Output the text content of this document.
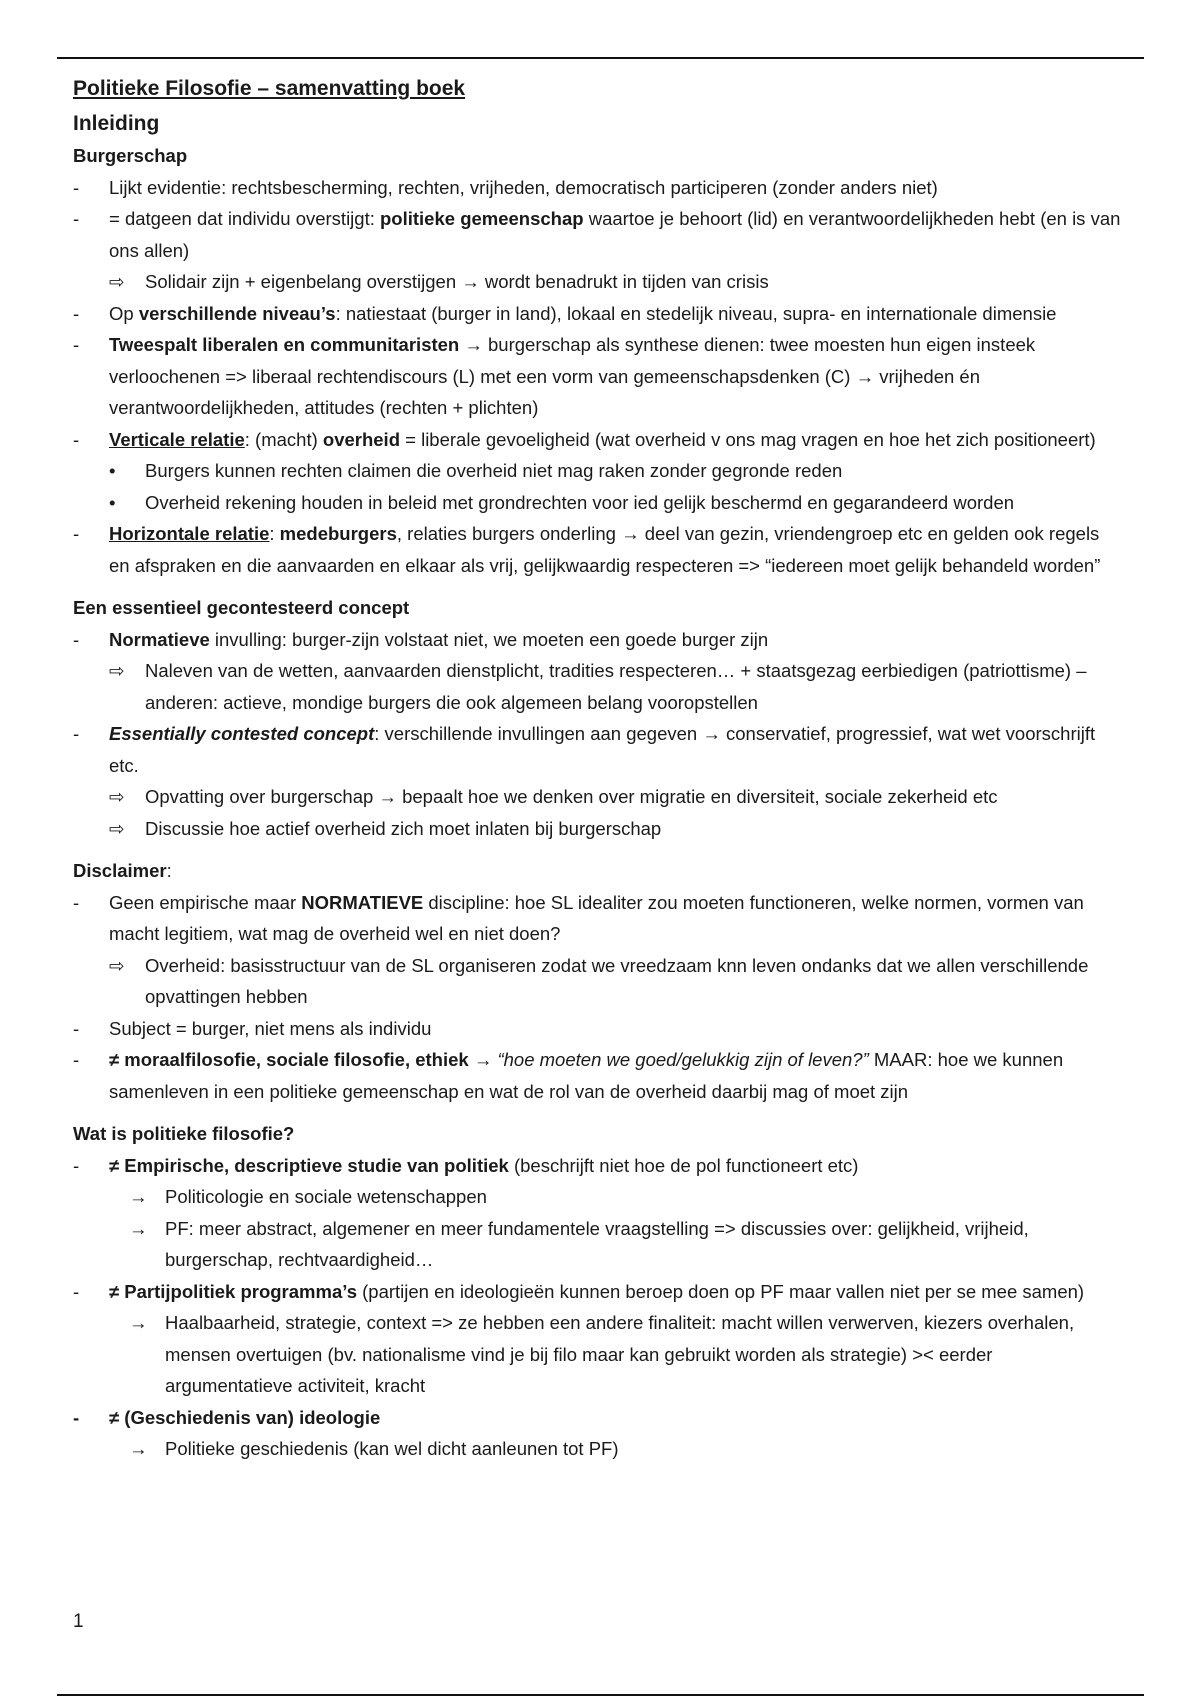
Politieke Filosofie – samenvatting boek

Inleiding

Burgerschap

-	Lijkt evidentie: rechtsbescherming, rechten, vrijheden, democratisch participeren (zonder anders niet)
-	= datgeen dat individu overstijgt: politieke gemeenschap waartoe je behoort (lid) en verantwoordelijkheden hebt (en is van ons allen)
⇨	Solidair zijn + eigenbelang overstijgen → wordt benadrukt in tijden van crisis
-	Op verschillende niveau’s: natiestaat (burger in land), lokaal en stedelijk niveau, supra- en internationale dimensie
-	Tweespalt liberalen en communitaristen → burgerschap als synthese dienen: twee moesten hun eigen insteek verloochenen => liberaal rechtendiscours (L) met een vorm van gemeenschapsdenken (C) → vrijheden én verantwoordelijkheden, attitudes (rechten + plichten)
-	Verticale relatie: (macht) overheid = liberale gevoeligheid (wat overheid v ons mag vragen en hoe het zich positioneert)
•	Burgers kunnen rechten claimen die overheid niet mag raken zonder gegronde reden
•	Overheid rekening houden in beleid met grondrechten voor ied gelijk beschermd en gegarandeerd worden
-	Horizontale relatie: medeburgers, relaties burgers onderling → deel van gezin, vriendengroep etc en gelden ook regels en afspraken en die aanvaarden en elkaar als vrij, gelijkwaardig respecteren => “iedereen moet gelijk behandeld worden”

Een essentieel gecontesteerd concept

-	Normatieve invulling: burger-zijn volstaat niet, we moeten een goede burger zijn
⇨	Naleven van de wetten, aanvaarden dienstplicht, tradities respecteren… + staatsgezag eerbiedigen (patriottisme) – anderen: actieve, mondige burgers die ook algemeen belang vooropstellen
-	Essentially contested concept: verschillende invullingen aan gegeven → conservatief, progressief, wat wet voorschrijft etc.
⇨	Opvatting over burgerschap → bepaalt hoe we denken over migratie en diversiteit, sociale zekerheid etc
⇨	Discussie hoe actief overheid zich moet inlaten bij burgerschap

Disclaimer:

-	Geen empirische maar NORMATIEVE discipline: hoe SL idealiter zou moeten functioneren, welke normen, vormen van macht legitiem, wat mag de overheid wel en niet doen?
⇨	Overheid: basisstructuur van de SL organiseren zodat we vreedzaam knn leven ondanks dat we allen verschillende opvattingen hebben
-	Subject = burger, niet mens als individu
-	≠ moraalfilosofie, sociale filosofie, ethiek → “hoe moeten we goed/gelukkig zijn of leven?” MAAR: hoe we kunnen samenleven in een politieke gemeenschap en wat de rol van de overheid daarbij mag of moet zijn

Wat is politieke filosofie?

-	≠ Empirische, descriptieve studie van politiek (beschrijft niet hoe de pol functioneert etc)
→ Politicologie en sociale wetenschappen
→ PF: meer abstract, algemener en meer fundamentele vraagstelling => discussies over: gelijkheid, vrijheid, burgerschap, rechtvaardigheid…
-	≠ Partijpolitiek programma’s (partijen en ideologieën kunnen beroep doen op PF maar vallen niet per se mee samen)
→ Haalbaarheid, strategie, context => ze hebben een andere finaliteit: macht willen verwerven, kiezers overhalen, mensen overtuigen (bv. nationalisme vind je bij filo maar kan gebruikt worden als strategie) >< eerder argumentatieve activiteit, kracht
-	≠ (Geschiedenis van) ideologie
→ Politieke geschiedenis (kan wel dicht aanleunen tot PF)
1
